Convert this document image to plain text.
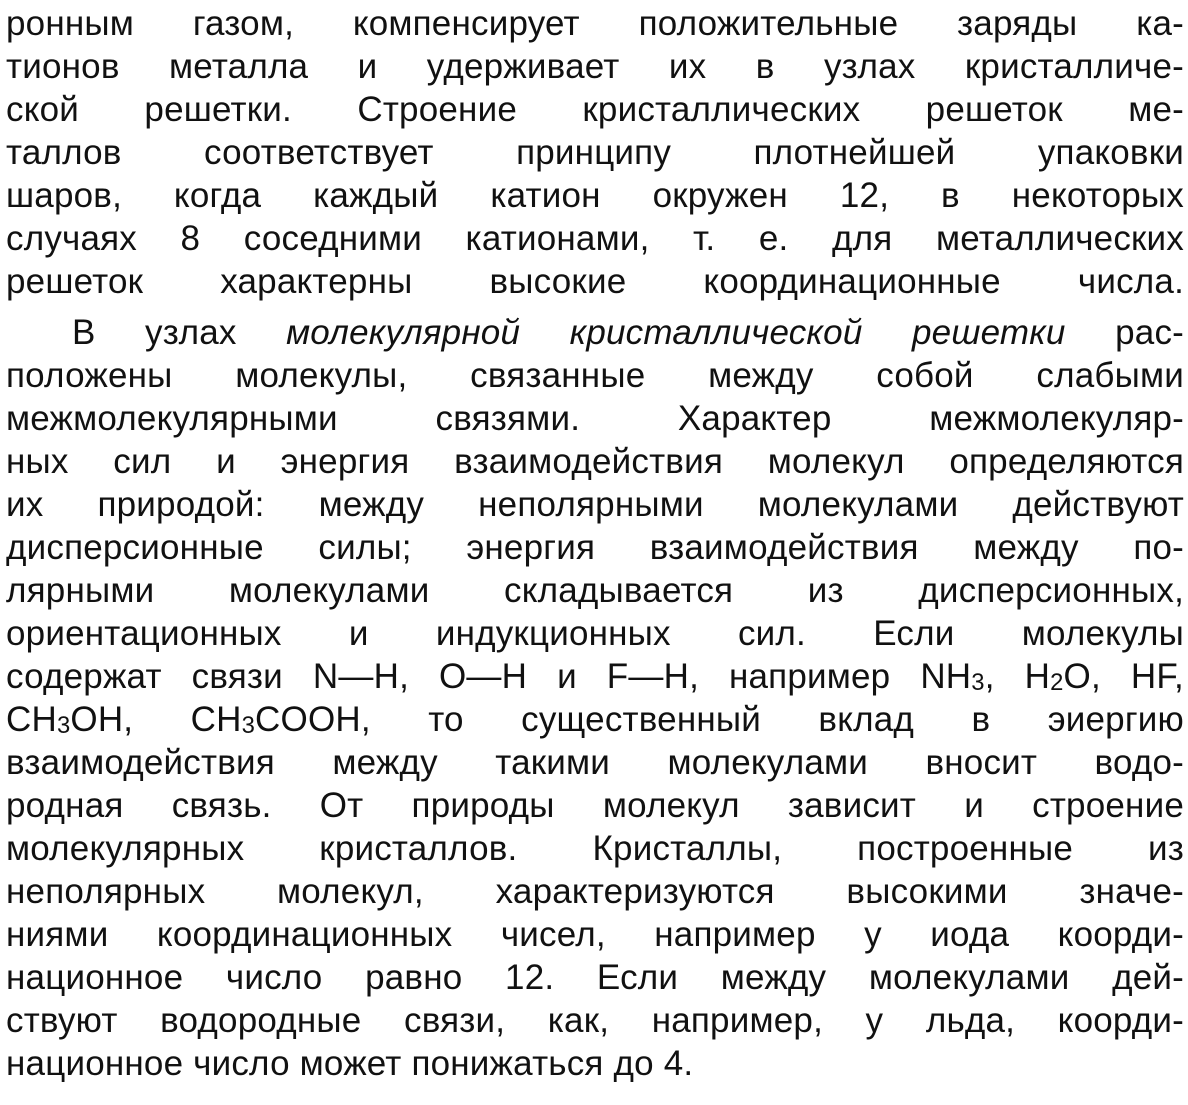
ронным газом, компенсирует положительные заряды ка-
тионов металла и удерживает их в узлах кристалличе-
ской решетки. Строение кристаллических решеток ме-
таллов соответствует принципу плотнейшей упаковки
шаров, когда каждый катион окружен 12, в некоторых
случаях 8 соседними катионами, т. е. для металлических
решеток характерны высокие координационные числа.
В узлах молекулярной кристаллической решетки рас-
положены молекулы, связанные между собой слабыми
межмолекулярными связями. Характер межмолекуляр-
ных сил и энергия взаимодействия молекул определяются
их природой: между неполярными молекулами действуют
дисперсионные силы; энергия взаимодействия между по-
лярными молекулами складывается из дисперсионных,
ориентационных и индукционных сил. Если молекулы
содержат связи N—H, O—H и F—H, например NH3, H2O, HF,
CH3OH, CH3COOH, то существенный вклад в эиергию
взаимодействия между такими молекулами вносит водо-
родная связь. От природы молекул зависит и строение
молекулярных кристаллов. Кристаллы, построенные из
неполярных молекул, характеризуются высокими значе-
ниями координационных чисел, например у иода коорди-
национное число равно 12. Если между молекулами дей-
ствуют водородные связи, как, например, у льда, коорди-
национное число может понижаться до 4.
